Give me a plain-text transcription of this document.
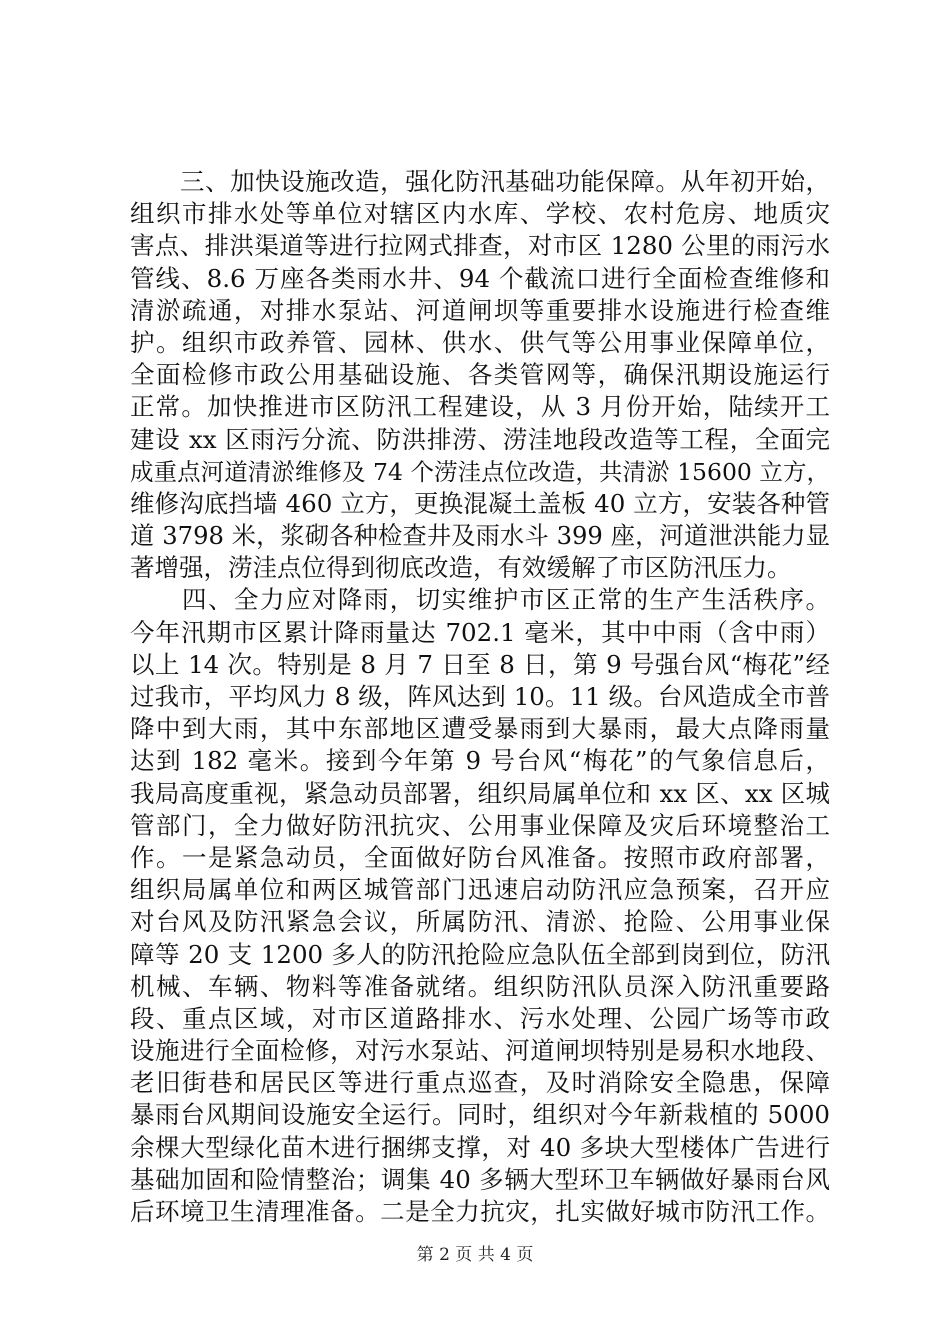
　　三、加快设施改造，强化防汛基础功能保障。从年初开始，
组织市排水处等单位对辖区内水库、学校、农村危房、地质灾
害点、排洪渠道等进行拉网式排查，对市区 1280 公里的雨污水
管线、8.6 万座各类雨水井、94 个截流口进行全面检查维修和
清淤疏通，对排水泵站、河道闸坝等重要排水设施进行检查维
护。组织市政养管、园林、供水、供气等公用事业保障单位，
全面检修市政公用基础设施、各类管网等，确保汛期设施运行
正常。加快推进市区防汛工程建设，从 3 月份开始，陆续开工
建设 xx 区雨污分流、防洪排涝、涝洼地段改造等工程，全面完
成重点河道清淤维修及 74 个涝洼点位改造，共清淤 15600 立方，
维修沟底挡墙 460 立方，更换混凝土盖板 40 立方，安装各种管
道 3798 米，浆砌各种检查井及雨水斗 399 座，河道泄洪能力显
著增强，涝洼点位得到彻底改造，有效缓解了市区防汛压力。
　　四、全力应对降雨，切实维护市区正常的生产生活秩序。
今年汛期市区累计降雨量达 702.1 毫米，其中中雨（含中雨）
以上 14 次。特别是 8 月 7 日至 8 日，第 9 号强台风“梅花”经
过我市，平均风力 8 级，阵风达到 10。11 级。台风造成全市普
降中到大雨，其中东部地区遭受暴雨到大暴雨，最大点降雨量
达到 182 毫米。接到今年第 9 号台风“梅花”的气象信息后，
我局高度重视，紧急动员部署，组织局属单位和 xx 区、xx 区城
管部门，全力做好防汛抗灾、公用事业保障及灾后环境整治工
作。一是紧急动员，全面做好防台风准备。按照市政府部署，
组织局属单位和两区城管部门迅速启动防汛应急预案，召开应
对台风及防汛紧急会议，所属防汛、清淤、抢险、公用事业保
障等 20 支 1200 多人的防汛抢险应急队伍全部到岗到位，防汛
机械、车辆、物料等准备就绪。组织防汛队员深入防汛重要路
段、重点区域，对市区道路排水、污水处理、公园广场等市政
设施进行全面检修，对污水泵站、河道闸坝特别是易积水地段、
老旧街巷和居民区等进行重点巡查，及时消除安全隐患，保障
暴雨台风期间设施安全运行。同时，组织对今年新栽植的 5000
余棵大型绿化苗木进行捆绑支撑，对 40 多块大型楼体广告进行
基础加固和险情整治；调集 40 多辆大型环卫车辆做好暴雨台风
后环境卫生清理准备。二是全力抗灾，扎实做好城市防汛工作。
第 2 页 共 4 页
